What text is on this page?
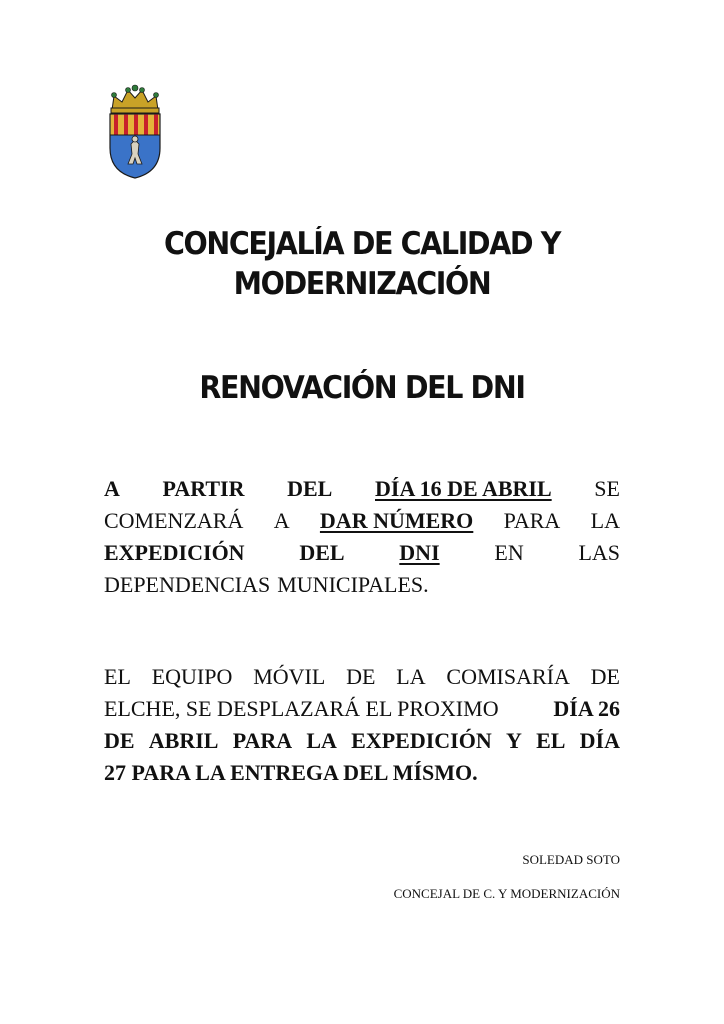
CONCEJALÍA DE CALIDAD Y
MODERNIZACIÓN
RENOVACIÓN DEL DNI
A PARTIR DEL DÍA 16 DE ABRIL SE
COMENZARÁ A DAR NÚMERO PARA LA
EXPEDICIÓN DEL DNI EN LAS
DEPENDENCIAS MUNICIPALES.
EL EQUIPO MÓVIL DE LA COMISARÍA DE
ELCHE, SE DESPLAZARÁ EL PROXIMO DÍA 26
DE ABRIL PARA LA EXPEDICIÓN Y EL DÍA
27 PARA LA ENTREGA DEL MÍSMO.

SOLEDAD SOTO

CONCEJAL DE C. Y MODERNIZACIÓN
